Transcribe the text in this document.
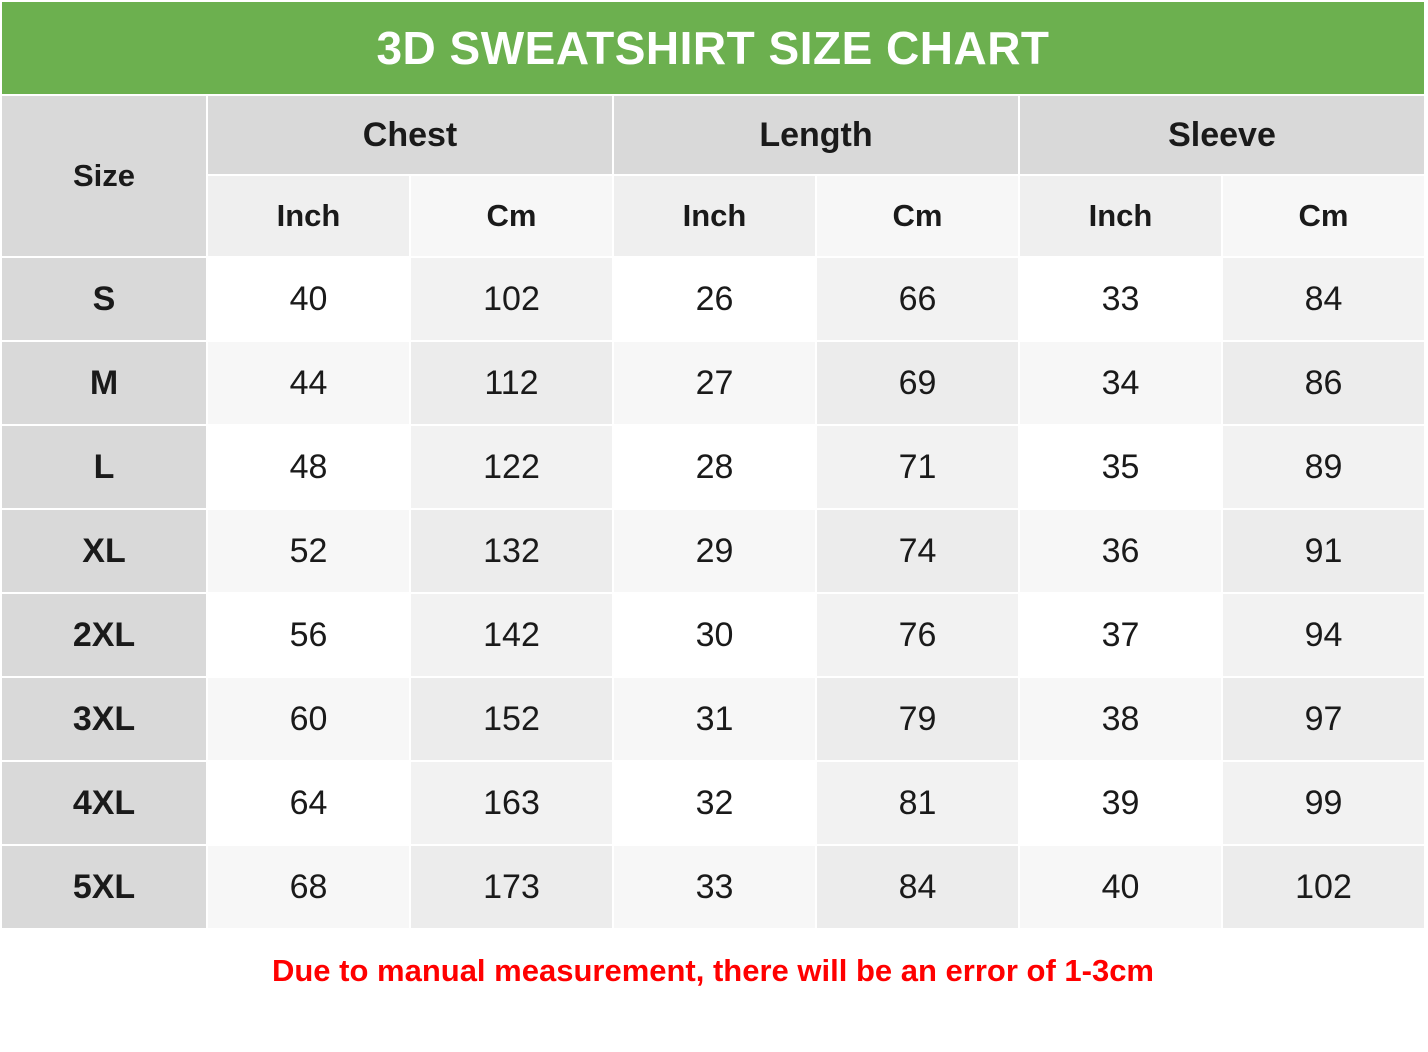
3D SWEATSHIRT SIZE CHART						
Size	Chest		Length		Sleeve	
	Inch	Cm	Inch	Cm	Inch	Cm
S	40	102	26	66	33	84
M	44	112	27	69	34	86
L	48	122	28	71	35	89
XL	52	132	29	74	36	91
2XL	56	142	30	76	37	94
3XL	60	152	31	79	38	97
4XL	64	163	32	81	39	99
5XL	68	173	33	84	40	102
Due to manual measurement, there will be an error of 1-3cm						
